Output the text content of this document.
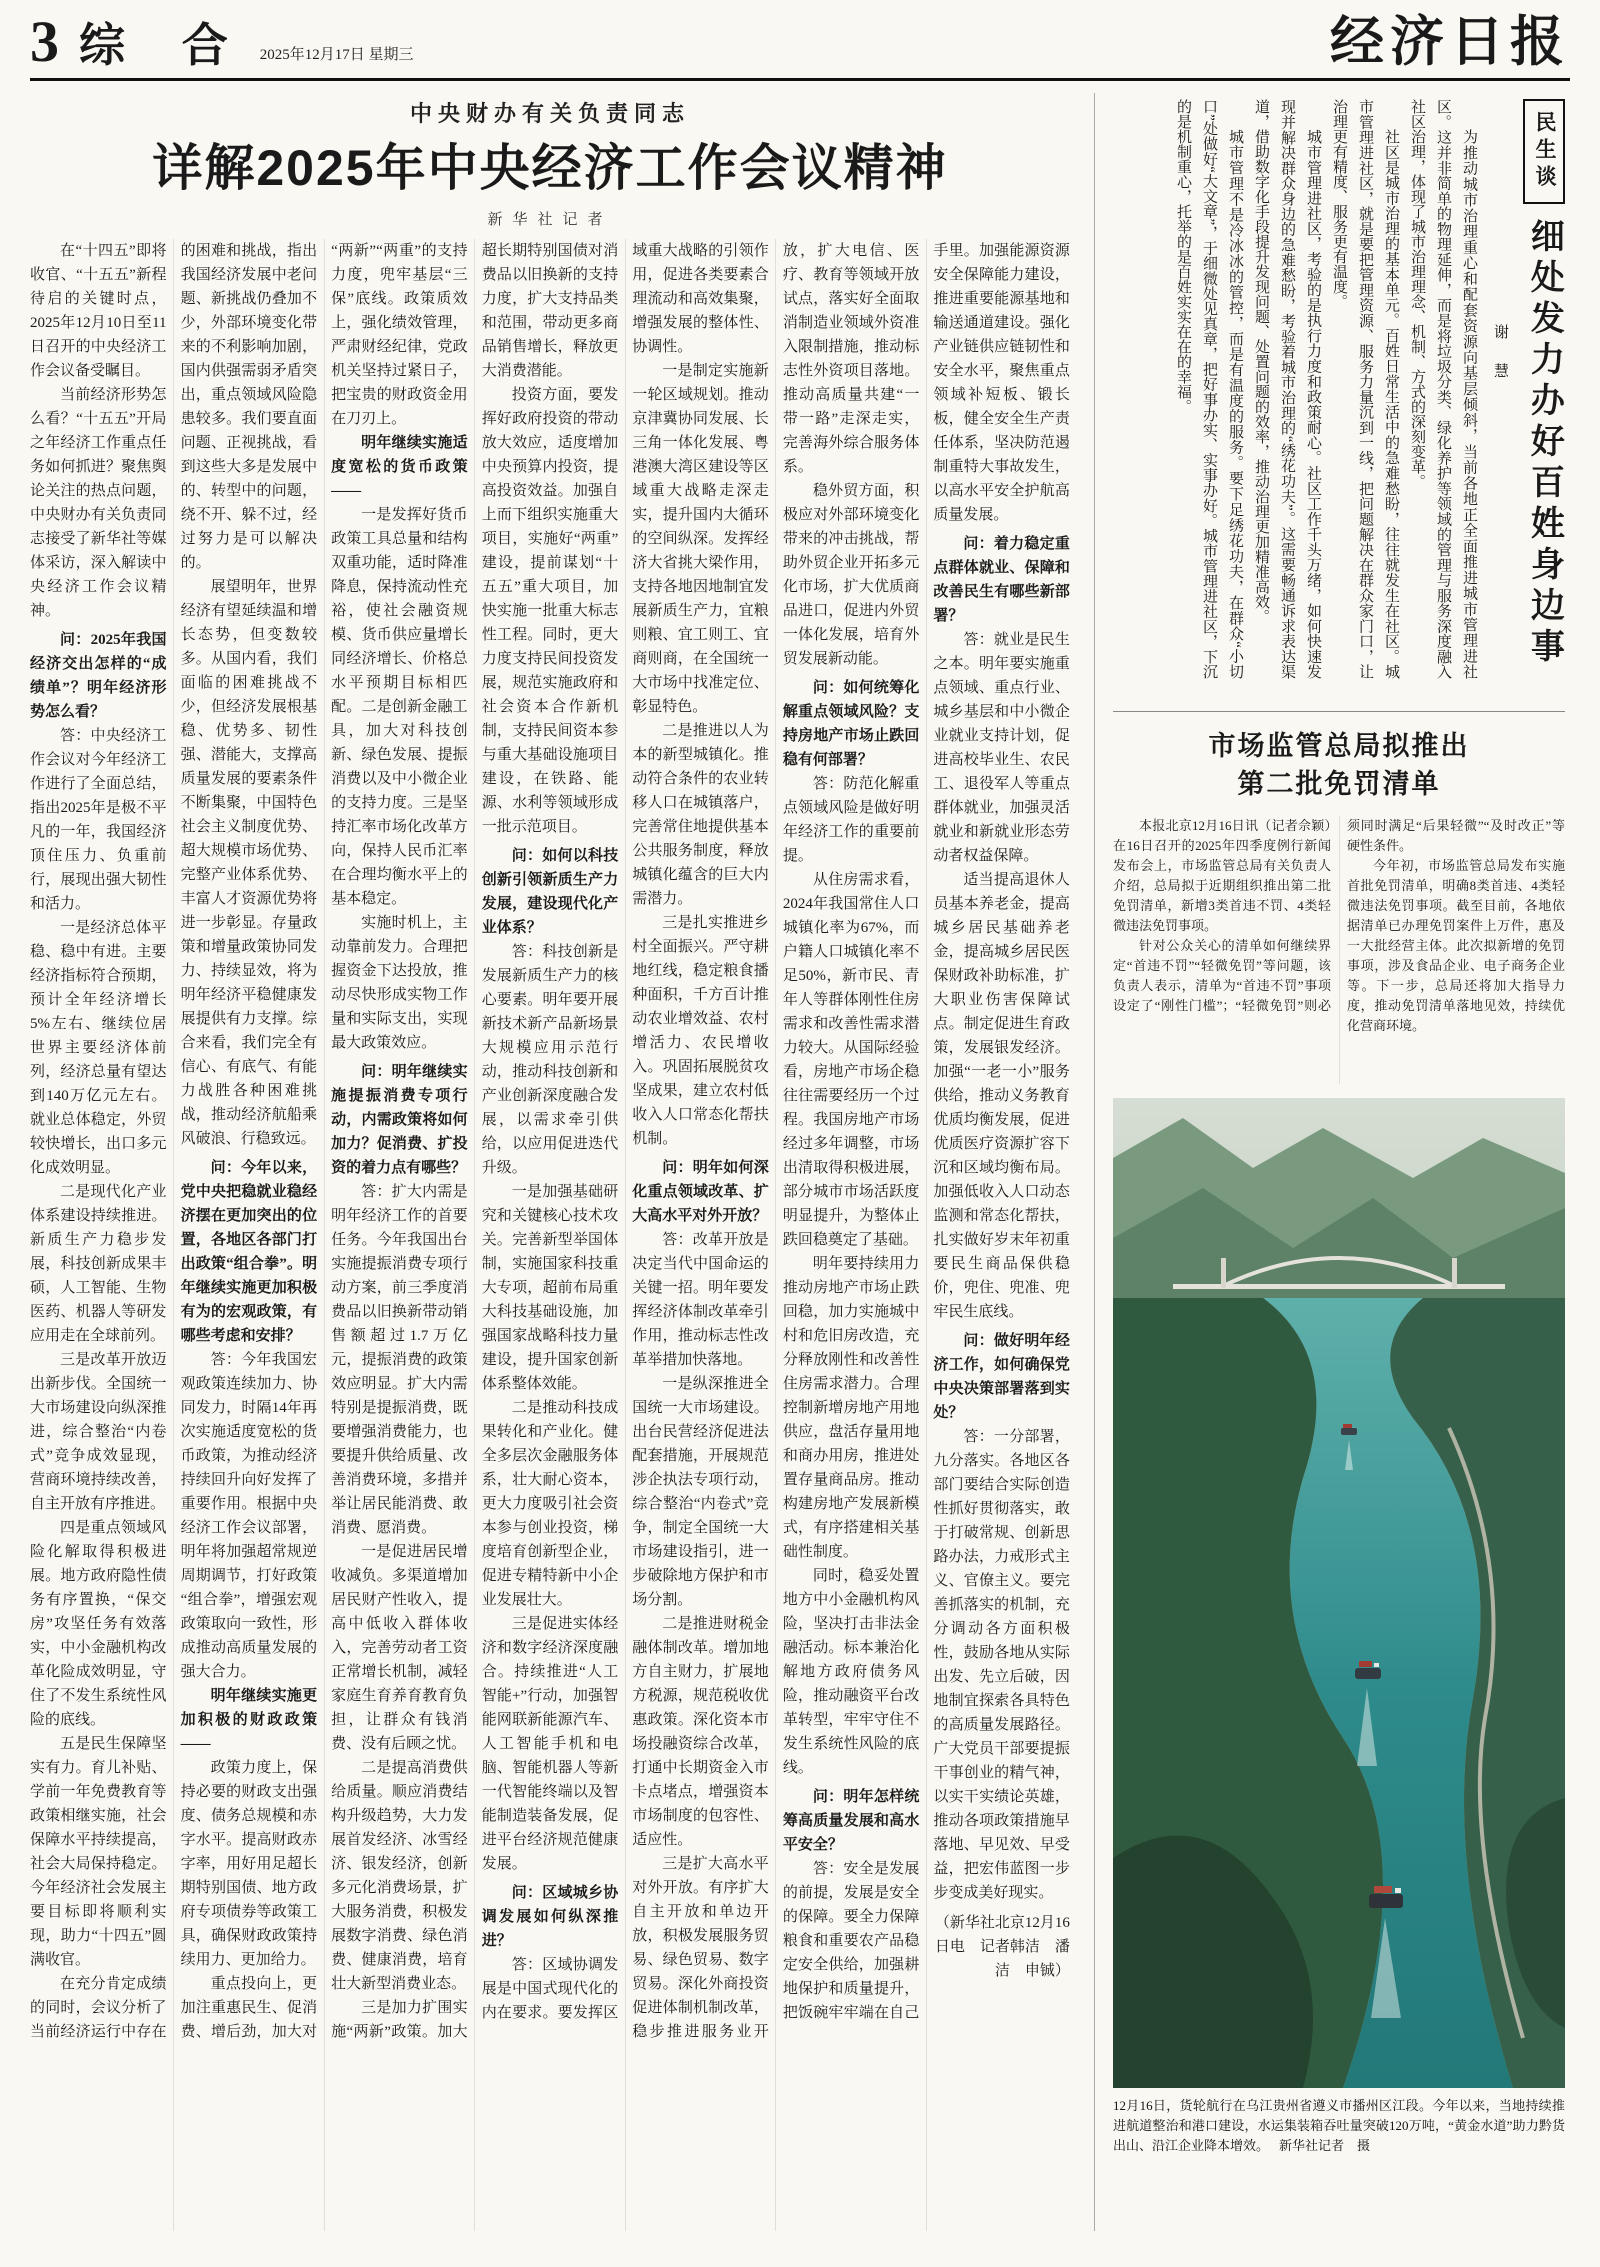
3 综 合 2025年12月17日 星期三	经济日报
中央财办有关负责同志
详解2025年中央经济工作会议精神
新华社记者

在“十四五”即将收官、“十五五”新程待启的关键时点，2025年12月10日至11日召开的中央经济工作会议备受瞩目。

当前经济形势怎么看？“十五五”开局之年经济工作重点任务如何抓进？聚焦舆论关注的热点问题，中央财办有关负责同志接受了新华社等媒体采访，深入解读中央经济工作会议精神。

问：2025年我国经济交出怎样的“成绩单”？明年经济形势怎么看？

答：中央经济工作会议对今年经济工作进行了全面总结，指出2025年是极不平凡的一年，我国经济顶住压力、负重前行，展现出强大韧性和活力。

一是经济总体平稳、稳中有进。主要经济指标符合预期，预计全年经济增长5%左右、继续位居世界主要经济体前列，经济总量有望达到140万亿元左右。就业总体稳定，外贸较快增长，出口多元化成效明显。

二是现代化产业体系建设持续推进。新质生产力稳步发展，科技创新成果丰硕，人工智能、生物医药、机器人等研发应用走在全球前列。

三是改革开放迈出新步伐。全国统一大市场建设向纵深推进，综合整治“内卷式”竞争成效显现，营商环境持续改善，自主开放有序推进。

四是重点领域风险化解取得积极进展。地方政府隐性债务有序置换，“保交房”攻坚任务有效落实，中小金融机构改革化险成效明显，守住了不发生系统性风险的底线。

五是民生保障坚实有力。育儿补贴、学前一年免费教育等政策相继实施，社会保障水平持续提高，社会大局保持稳定。今年经济社会发展主要目标即将顺利实现，助力“十四五”圆满收官。

在充分肯定成绩的同时，会议分析了当前经济运行中存在的困难和挑战，指出我国经济发展中老问题、新挑战仍叠加不少，外部环境变化带来的不利影响加剧，国内供强需弱矛盾突出，重点领域风险隐患较多。我们要直面问题、正视挑战，看到这些大多是发展中的、转型中的问题，绕不开、躲不过，经过努力是可以解决的。

展望明年，世界经济有望延续温和增长态势，但变数较多。从国内看，我们面临的困难挑战不少，但经济发展根基稳、优势多、韧性强、潜能大，支撑高质量发展的要素条件不断集聚，中国特色社会主义制度优势、超大规模市场优势、完整产业体系优势、丰富人才资源优势将进一步彰显。存量政策和增量政策协同发力、持续显效，将为明年经济平稳健康发展提供有力支撑。综合来看，我们完全有信心、有底气、有能力战胜各种困难挑战，推动经济航船乘风破浪、行稳致远。

问：今年以来，党中央把稳就业稳经济摆在更加突出的位置，各地区各部门打出政策“组合拳”。明年继续实施更加积极有为的宏观政策，有哪些考虑和安排？

答：今年我国宏观政策连续加力、协同发力，时隔14年再次实施适度宽松的货币政策，为推动经济持续回升向好发挥了重要作用。根据中央经济工作会议部署，明年将加强超常规逆周期调节，打好政策“组合拳”，增强宏观政策取向一致性，形成推动高质量发展的强大合力。

明年继续实施更加积极的财政政策——

政策力度上，保持必要的财政支出强度、债务总规模和赤字水平。提高财政赤字率，用好用足超长期特别国债、地方政府专项债券等政策工具，确保财政政策持续用力、更加给力。

重点投向上，更加注重惠民生、促消费、增后劲，加大对“两新”“两重”的支持力度，兜牢基层“三保”底线。政策质效上，强化绩效管理，严肃财经纪律，党政机关坚持过紧日子，把宝贵的财政资金用在刀刃上。

明年继续实施适度宽松的货币政策——

一是发挥好货币政策工具总量和结构双重功能，适时降准降息，保持流动性充裕，使社会融资规模、货币供应量增长同经济增长、价格总水平预期目标相匹配。二是创新金融工具，加大对科技创新、绿色发展、提振消费以及中小微企业的支持力度。三是坚持汇率市场化改革方向，保持人民币汇率在合理均衡水平上的基本稳定。

实施时机上，主动靠前发力。合理把握资金下达投放，推动尽快形成实物工作量和实际支出，实现最大政策效应。

问：明年继续实施提振消费专项行动，内需政策将如何加力？促消费、扩投资的着力点有哪些？

答：扩大内需是明年经济工作的首要任务。今年我国出台实施提振消费专项行动方案，前三季度消费品以旧换新带动销售额超过1.7万亿元，提振消费的政策效应明显。扩大内需特别是提振消费，既要增强消费能力，也要提升供给质量、改善消费环境，多措并举让居民能消费、敢消费、愿消费。

一是促进居民增收减负。多渠道增加居民财产性收入，提高中低收入群体收入，完善劳动者工资正常增长机制，减轻家庭生育养育教育负担，让群众有钱消费、没有后顾之忧。

二是提高消费供给质量。顺应消费结构升级趋势，大力发展首发经济、冰雪经济、银发经济，创新多元化消费场景，扩大服务消费，积极发展数字消费、绿色消费、健康消费，培育壮大新型消费业态。

三是加力扩围实施“两新”政策。加大超长期特别国债对消费品以旧换新的支持力度，扩大支持品类和范围，带动更多商品销售增长，释放更大消费潜能。

投资方面，要发挥好政府投资的带动放大效应，适度增加中央预算内投资，提高投资效益。加强自上而下组织实施重大项目，实施好“两重”建设，提前谋划“十五五”重大项目，加快实施一批重大标志性工程。同时，更大力度支持民间投资发展，规范实施政府和社会资本合作新机制，支持民间资本参与重大基础设施项目建设，在铁路、能源、水利等领域形成一批示范项目。

问：如何以科技创新引领新质生产力发展，建设现代化产业体系？

答：科技创新是发展新质生产力的核心要素。明年要开展新技术新产品新场景大规模应用示范行动，推动科技创新和产业创新深度融合发展，以需求牵引供给，以应用促进迭代升级。

一是加强基础研究和关键核心技术攻关。完善新型举国体制，实施国家科技重大专项，超前布局重大科技基础设施，加强国家战略科技力量建设，提升国家创新体系整体效能。

二是推动科技成果转化和产业化。健全多层次金融服务体系，壮大耐心资本，更大力度吸引社会资本参与创业投资，梯度培育创新型企业，促进专精特新中小企业发展壮大。

三是促进实体经济和数字经济深度融合。持续推进“人工智能+”行动，加强智能网联新能源汽车、人工智能手机和电脑、智能机器人等新一代智能终端以及智能制造装备发展，促进平台经济规范健康发展。

问：区域城乡协调发展如何纵深推进？

答：区域协调发展是中国式现代化的内在要求。要发挥区域重大战略的引领作用，促进各类要素合理流动和高效集聚，增强发展的整体性、协调性。

一是制定实施新一轮区域规划。推动京津冀协同发展、长三角一体化发展、粤港澳大湾区建设等区域重大战略走深走实，提升国内大循环的空间纵深。发挥经济大省挑大梁作用，支持各地因地制宜发展新质生产力，宜粮则粮、宜工则工、宜商则商，在全国统一大市场中找准定位、彰显特色。

二是推进以人为本的新型城镇化。推动符合条件的农业转移人口在城镇落户，完善常住地提供基本公共服务制度，释放城镇化蕴含的巨大内需潜力。

三是扎实推进乡村全面振兴。严守耕地红线，稳定粮食播种面积，千方百计推动农业增效益、农村增活力、农民增收入。巩固拓展脱贫攻坚成果，建立农村低收入人口常态化帮扶机制。

问：明年如何深化重点领域改革、扩大高水平对外开放？

答：改革开放是决定当代中国命运的关键一招。明年要发挥经济体制改革牵引作用，推动标志性改革举措加快落地。

一是纵深推进全国统一大市场建设。出台民营经济促进法配套措施，开展规范涉企执法专项行动，综合整治“内卷式”竞争，制定全国统一大市场建设指引，进一步破除地方保护和市场分割。

二是推进财税金融体制改革。增加地方自主财力，扩展地方税源，规范税收优惠政策。深化资本市场投融资综合改革，打通中长期资金入市卡点堵点，增强资本市场制度的包容性、适应性。

三是扩大高水平对外开放。有序扩大自主开放和单边开放，积极发展服务贸易、绿色贸易、数字贸易。深化外商投资促进体制机制改革，稳步推进服务业开放，扩大电信、医疗、教育等领域开放试点，落实好全面取消制造业领域外资准入限制措施，推动标志性外资项目落地。推动高质量共建“一带一路”走深走实，完善海外综合服务体系。

稳外贸方面，积极应对外部环境变化带来的冲击挑战，帮助外贸企业开拓多元化市场，扩大优质商品进口，促进内外贸一体化发展，培育外贸发展新动能。

问：如何统筹化解重点领域风险？支持房地产市场止跌回稳有何部署？

答：防范化解重点领域风险是做好明年经济工作的重要前提。

从住房需求看，2024年我国常住人口城镇化率为67%，而户籍人口城镇化率不足50%，新市民、青年人等群体刚性住房需求和改善性需求潜力较大。从国际经验看，房地产市场企稳往往需要经历一个过程。我国房地产市场经过多年调整，市场出清取得积极进展，部分城市市场活跃度明显提升，为整体止跌回稳奠定了基础。

明年要持续用力推动房地产市场止跌回稳，加力实施城中村和危旧房改造，充分释放刚性和改善性住房需求潜力。合理控制新增房地产用地供应，盘活存量用地和商办用房，推进处置存量商品房。推动构建房地产发展新模式，有序搭建相关基础性制度。

同时，稳妥处置地方中小金融机构风险，坚决打击非法金融活动。标本兼治化解地方政府债务风险，推动融资平台改革转型，牢牢守住不发生系统性风险的底线。

问：明年怎样统筹高质量发展和高水平安全？

答：安全是发展的前提，发展是安全的保障。要全力保障粮食和重要农产品稳定安全供给，加强耕地保护和质量提升，把饭碗牢牢端在自己手里。加强能源资源安全保障能力建设，推进重要能源基地和输送通道建设。强化产业链供应链韧性和安全水平，聚焦重点领域补短板、锻长板，健全安全生产责任体系，坚决防范遏制重特大事故发生，以高水平安全护航高质量发展。

问：着力稳定重点群体就业、保障和改善民生有哪些新部署？

答：就业是民生之本。明年要实施重点领域、重点行业、城乡基层和中小微企业就业支持计划，促进高校毕业生、农民工、退役军人等重点群体就业，加强灵活就业和新就业形态劳动者权益保障。

适当提高退休人员基本养老金，提高城乡居民基础养老金，提高城乡居民医保财政补助标准，扩大职业伤害保障试点。制定促进生育政策，发展银发经济。加强“一老一小”服务供给，推动义务教育优质均衡发展，促进优质医疗资源扩容下沉和区域均衡布局。加强低收入人口动态监测和常态化帮扶，扎实做好岁末年初重要民生商品保供稳价，兜住、兜准、兜牢民生底线。

问：做好明年经济工作，如何确保党中央决策部署落到实处？

答：一分部署，九分落实。各地区各部门要结合实际创造性抓好贯彻落实，敢于打破常规、创新思路办法，力戒形式主义、官僚主义。要完善抓落实的机制，充分调动各方面积极性，鼓励各地从实际出发、先立后破，因地制宜探索各具特色的高质量发展路径。广大党员干部要提振干事创业的精气神，以实干实绩论英雄，推动各项政策措施早落地、早见效、早受益，把宏伟蓝图一步步变成美好现实。

（新华社北京12月16日电　记者韩洁　潘洁　申铖）

为推动城市治理重心和配套资源向基层倾斜，当前各地正全面推进城市管理进社区。这并非简单的物理延伸，而是将垃圾分类、绿化养护等领域的管理与服务深度融入社区治理，体现了城市治理理念、机制、方式的深刻变革。

社区是城市治理的基本单元。百姓日常生活中的急难愁盼，往往就发生在社区。城市管理进社区，就是要把管理资源、服务力量沉到一线，把问题解决在群众家门口，让治理更有精度、服务更有温度。

城市管理进社区，考验的是执行力度和政策耐心。社区工作千头万绪，如何快速发现并解决群众身边的急难愁盼，考验着城市治理的“绣花功夫”。这需要畅通诉求表达渠道，借助数字化手段提升发现问题、处置问题的效率，推动治理更加精准高效。

城市管理不是冷冰冰的管控，而是有温度的服务。要下足绣花功夫，在群众“小切口”处做好“大文章”，于细微处见真章，把好事办实、实事办好。城市管理进社区，下沉的是机制重心，托举的是百姓实实在在的幸福。	谢 慧
民生谈
细处发力办好百姓身边事
市场监管总局拟推出
第二批免罚清单

本报北京12月16日讯（记者佘颖）在16日召开的2025年四季度例行新闻发布会上，市场监管总局有关负责人介绍，总局拟于近期组织推出第二批免罚清单，新增3类首违不罚、4类轻微违法免罚事项。

针对公众关心的清单如何继续界定“首违不罚”“轻微免罚”等问题，该负责人表示，清单为“首违不罚”事项设定了“刚性门槛”；“轻微免罚”则必须同时满足“后果轻微”“及时改正”等硬性条件。

今年初，市场监管总局发布实施首批免罚清单，明确8类首违、4类轻微违法免罚事项。截至目前，各地依据清单已办理免罚案件上万件，惠及一大批经营主体。此次拟新增的免罚事项，涉及食品企业、电子商务企业等。下一步，总局还将加大指导力度，推动免罚清单落地见效，持续优化营商环境。

12月16日，货轮航行在乌江贵州省遵义市播州区江段。今年以来，当地持续推进航道整治和港口建设，水运集装箱吞吐量突破120万吨，“黄金水道”助力黔货出山、沿江企业降本增效。 新华社记者　摄
